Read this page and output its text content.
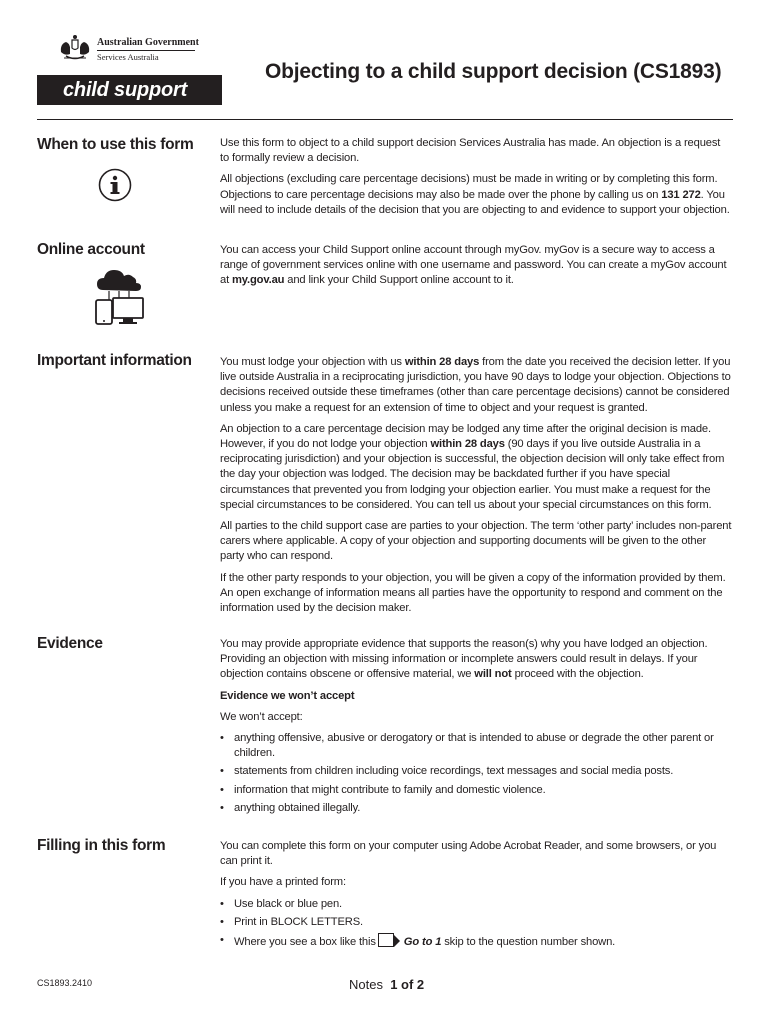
Australian Government
Services Australia
child support
Objecting to a child support decision (CS1893)
When to use this form Use this form to object to a child support decision Services Australia has made. An objection is a request to formally review a decision.

All objections (excluding care percentage decisions) must be made in writing or by completing this form. Objections to care percentage decisions may also be made over the phone by calling us on 131 272. You will need to include details of the decision that you are objecting to and evidence to support your objection.

Online account	You can access your Child Support online account through myGov. myGov is a secure way to access a range of government services online with one username and password. You can create a myGov account at my.gov.au and link your Child Support online account to it.

Important information	You must lodge your objection with us within 28 days from the date you received the decision letter. If you live outside Australia in a reciprocating jurisdiction, you have 90 days to lodge your objection. Objections to decisions received outside these timeframes (other than care percentage decisions) cannot be considered unless you make a request for an extension of time to object and your request is granted.

An objection to a care percentage decision may be lodged any time after the original decision is made. However, if you do not lodge your objection within 28 days (90 days if you live outside Australia in a reciprocating jurisdiction) and your objection is successful, the objection decision will only take effect from the day your objection was lodged. The decision may be backdated further if you have special circumstances that prevented you from lodging your objection earlier. You must make a request for the special circumstances to be considered. You can tell us about your special circumstances on this form.

All parties to the child support case are parties to your objection. The term ‘other party’ includes non-parent carers where applicable. A copy of your objection and supporting documents will be given to the other party who can respond.

If the other party responds to your objection, you will be given a copy of the information provided by them. An open exchange of information means all parties have the opportunity to respond and comment on the information used by the decision maker.

Evidence	You may provide appropriate evidence that supports the reason(s) why you have lodged an objection. Providing an objection with missing information or incomplete answers could result in delays. If your objection contains obscene or offensive material, we will not proceed with the objection.

Evidence we won’t accept

We won’t accept:

• anything offensive, abusive or derogatory or that is intended to abuse or degrade the other parent or children.
• statements from children including voice recordings, text messages and social media posts.
• information that might contribute to family and domestic violence.
• anything obtained illegally.
Filling in this form	You can complete this form on your computer using Adobe Acrobat Reader, and some browsers, or you can print it.

If you have a printed form:

• Use black or blue pen.
• Print in BLOCK LETTERS.
• Where you see a box like this	Go to 1 skip to the question number shown.
CS1893.2410	Notes 1 of 2
